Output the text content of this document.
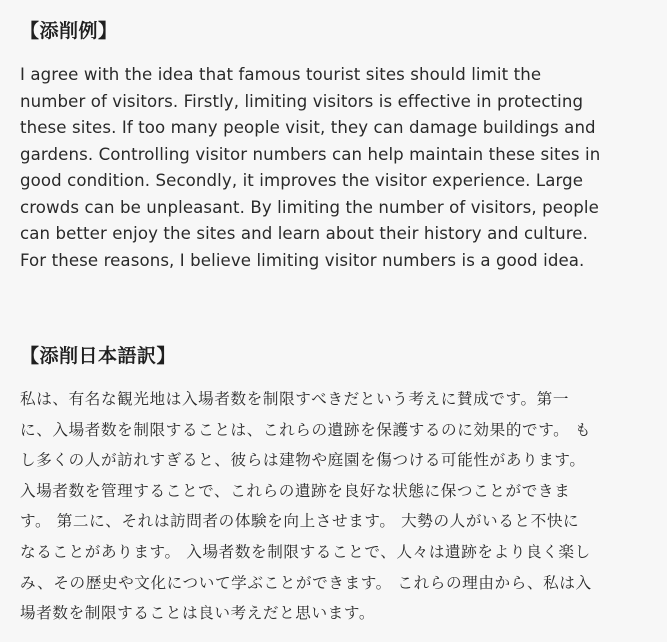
【添削例】

I agree with the idea that famous tourist sites should limit the
number of visitors. Firstly, limiting visitors is effective in protecting
these sites. If too many people visit, they can damage buildings and
gardens. Controlling visitor numbers can help maintain these sites in
good condition. Secondly, it improves the visitor experience. Large
crowds can be unpleasant. By limiting the number of visitors, people
can better enjoy the sites and learn about their history and culture.
For these reasons, I believe limiting visitor numbers is a good idea.

【添削日本語訳】

私は、有名な観光地は入場者数を制限すべきだという考えに賛成です。第一
に、入場者数を制限することは、これらの遺跡を保護するのに効果的です。 も
し多くの人が訪れすぎると、彼らは建物や庭園を傷つける可能性があります。
入場者数を管理することで、これらの遺跡を良好な状態に保つことができま
す。 第二に、それは訪問者の体験を向上させます。 大勢の人がいると不快に
なることがあります。 入場者数を制限することで、人々は遺跡をより良く楽し
み、その歴史や文化について学ぶことができます。 これらの理由から、私は入
場者数を制限することは良い考えだと思います。
